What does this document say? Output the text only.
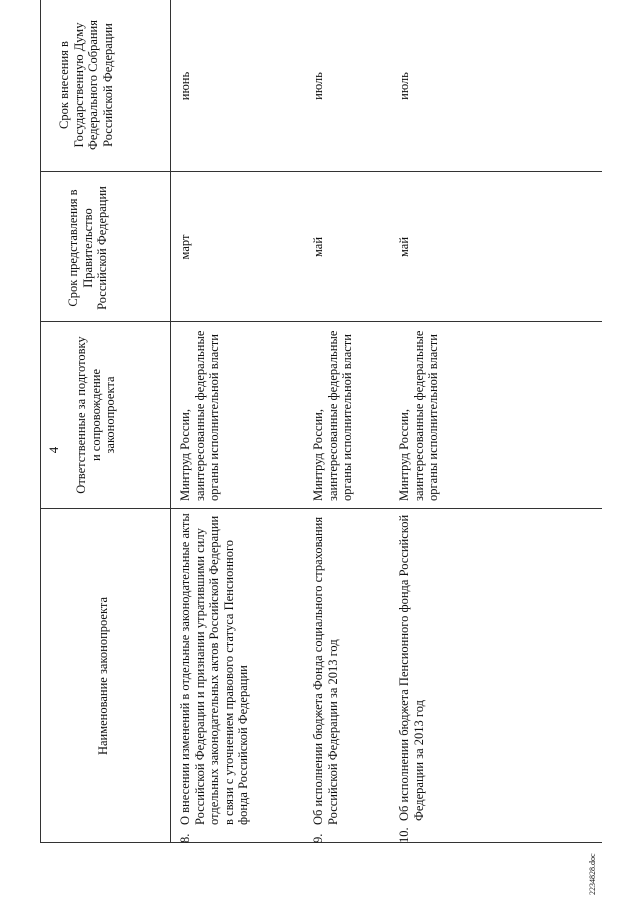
4
Наименование законопроекта
Ответственные за подготовку и сопровождение законопроекта
Срок представления в Правительство Российской Федерации
Срок внесения в Государственную Думу Федерального Собрания Российской Федерации
8.
О внесении изменений в отдельные законодательные акты Российской Федерации и признании утратившими силу отдельных законодательных актов Российской Федерации в связи с уточнением правового статуса Пенсионного фонда Российской Федерации
Минтруд России, заинтересованные федеральные органы исполнительной власти
март
июнь
9.
Об исполнении бюджета Фонда социального страхования Российской Федерации за 2013 год
Минтруд России, заинтересованные федеральные органы исполнительной власти
май
июль
10.
Об исполнении бюджета Пенсионного фонда Российской Федерации за 2013 год
Минтруд России, заинтересованные федеральные органы исполнительной власти
май
июль
2234828.doc
